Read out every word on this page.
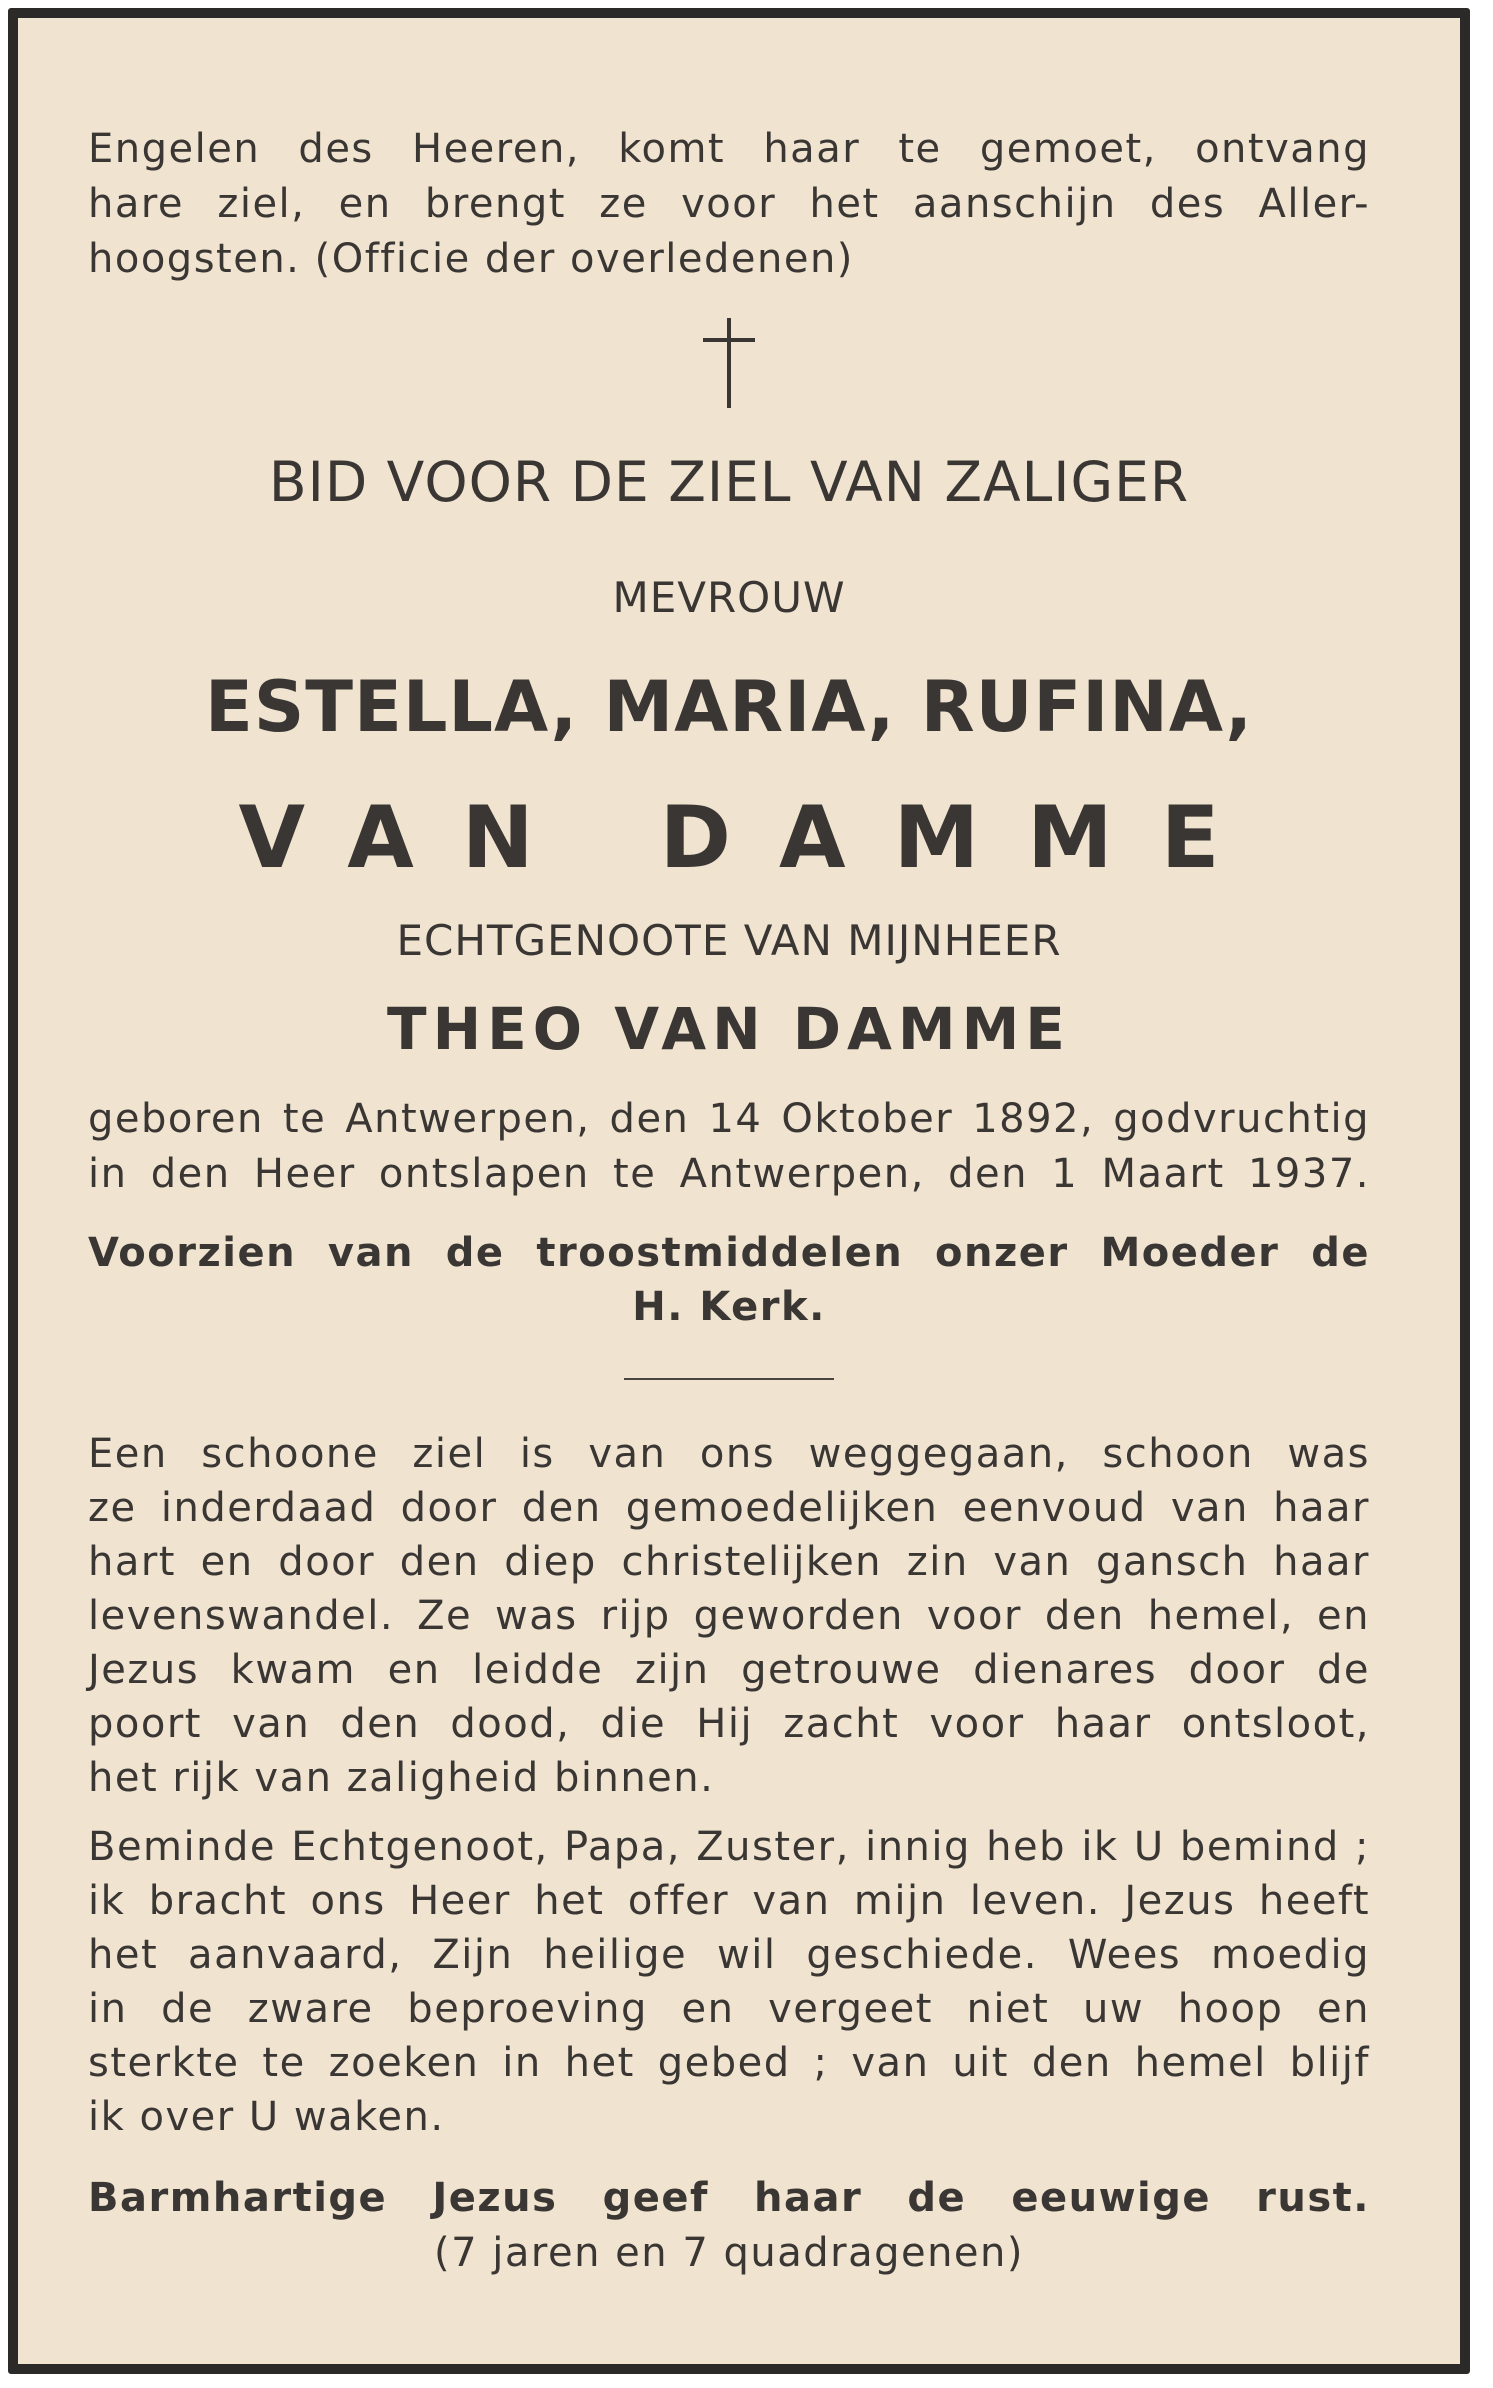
Engelen des Heeren, komt haar te gemoet, ontvang
hare ziel, en brengt ze voor het aanschijn des Aller-
hoogsten. (Officie der overledenen)
BID VOOR DE ZIEL VAN ZALIGER
MEVROUW
ESTELLA, MARIA, RUFINA,
VAN DAMME
ECHTGENOOTE VAN MIJNHEER
THEO VAN DAMME
geboren te Antwerpen, den 14 Oktober 1892, godvruchtig
in den Heer ontslapen te Antwerpen, den 1 Maart 1937.
Voorzien van de troostmiddelen onzer Moeder de
H. Kerk.
Een schoone ziel is van ons weggegaan, schoon was
ze inderdaad door den gemoedelijken eenvoud van haar
hart en door den diep christelijken zin van gansch haar
levenswandel. Ze was rijp geworden voor den hemel, en
Jezus kwam en leidde zijn getrouwe dienares door de
poort van den dood, die Hij zacht voor haar ontsloot,
het rijk van zaligheid binnen.
Beminde Echtgenoot, Papa, Zuster, innig heb ik U bemind ;
ik bracht ons Heer het offer van mijn leven. Jezus heeft
het aanvaard, Zijn heilige wil geschiede. Wees moedig
in de zware beproeving en vergeet niet uw hoop en
sterkte te zoeken in het gebed ; van uit den hemel blijf
ik over U waken.
Barmhartige Jezus geef haar de eeuwige rust.
(7 jaren en 7 quadragenen)
